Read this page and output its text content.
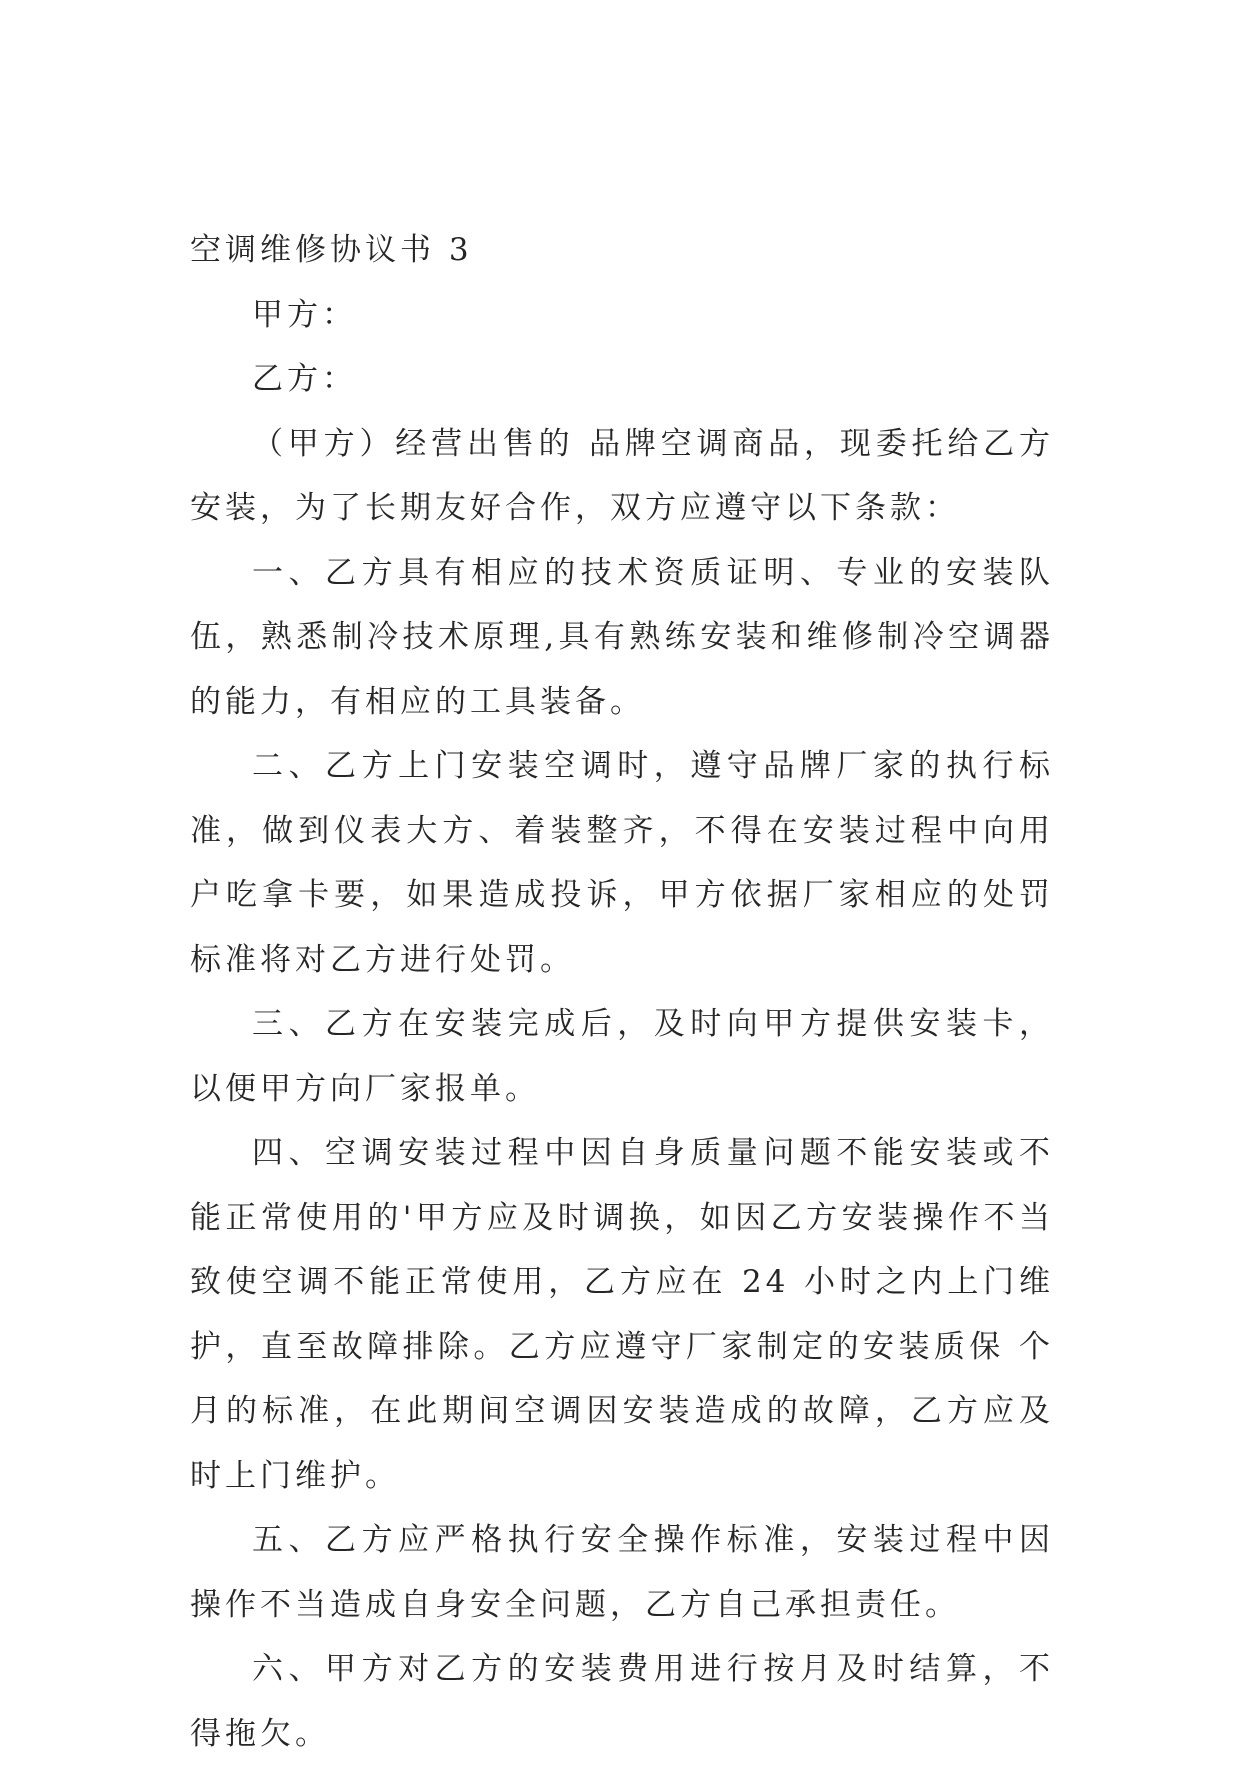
空调维修协议书 3

甲方：

乙方：

（甲方）经营出售的 品牌空调商品，现委托给乙方安装，为了长期友好合作，双方应遵守以下条款：

一、乙方具有相应的技术资质证明、专业的安装队伍，熟悉制冷技术原理,具有熟练安装和维修制冷空调器的能力，有相应的工具装备。

二、乙方上门安装空调时，遵守品牌厂家的执行标准，做到仪表大方、着装整齐，不得在安装过程中向用户吃拿卡要，如果造成投诉，甲方依据厂家相应的处罚标准将对乙方进行处罚。

三、乙方在安装完成后，及时向甲方提供安装卡，以便甲方向厂家报单。

四、空调安装过程中因自身质量问题不能安装或不能正常使用的'甲方应及时调换，如因乙方安装操作不当致使空调不能正常使用，乙方应在 24 小时之内上门维护，直至故障排除。乙方应遵守厂家制定的安装质保 个月的标准，在此期间空调因安装造成的故障，乙方应及时上门维护。

五、乙方应严格执行安全操作标准，安装过程中因操作不当造成自身安全问题，乙方自己承担责任。

六、甲方对乙方的安装费用进行按月及时结算，不得拖欠。
